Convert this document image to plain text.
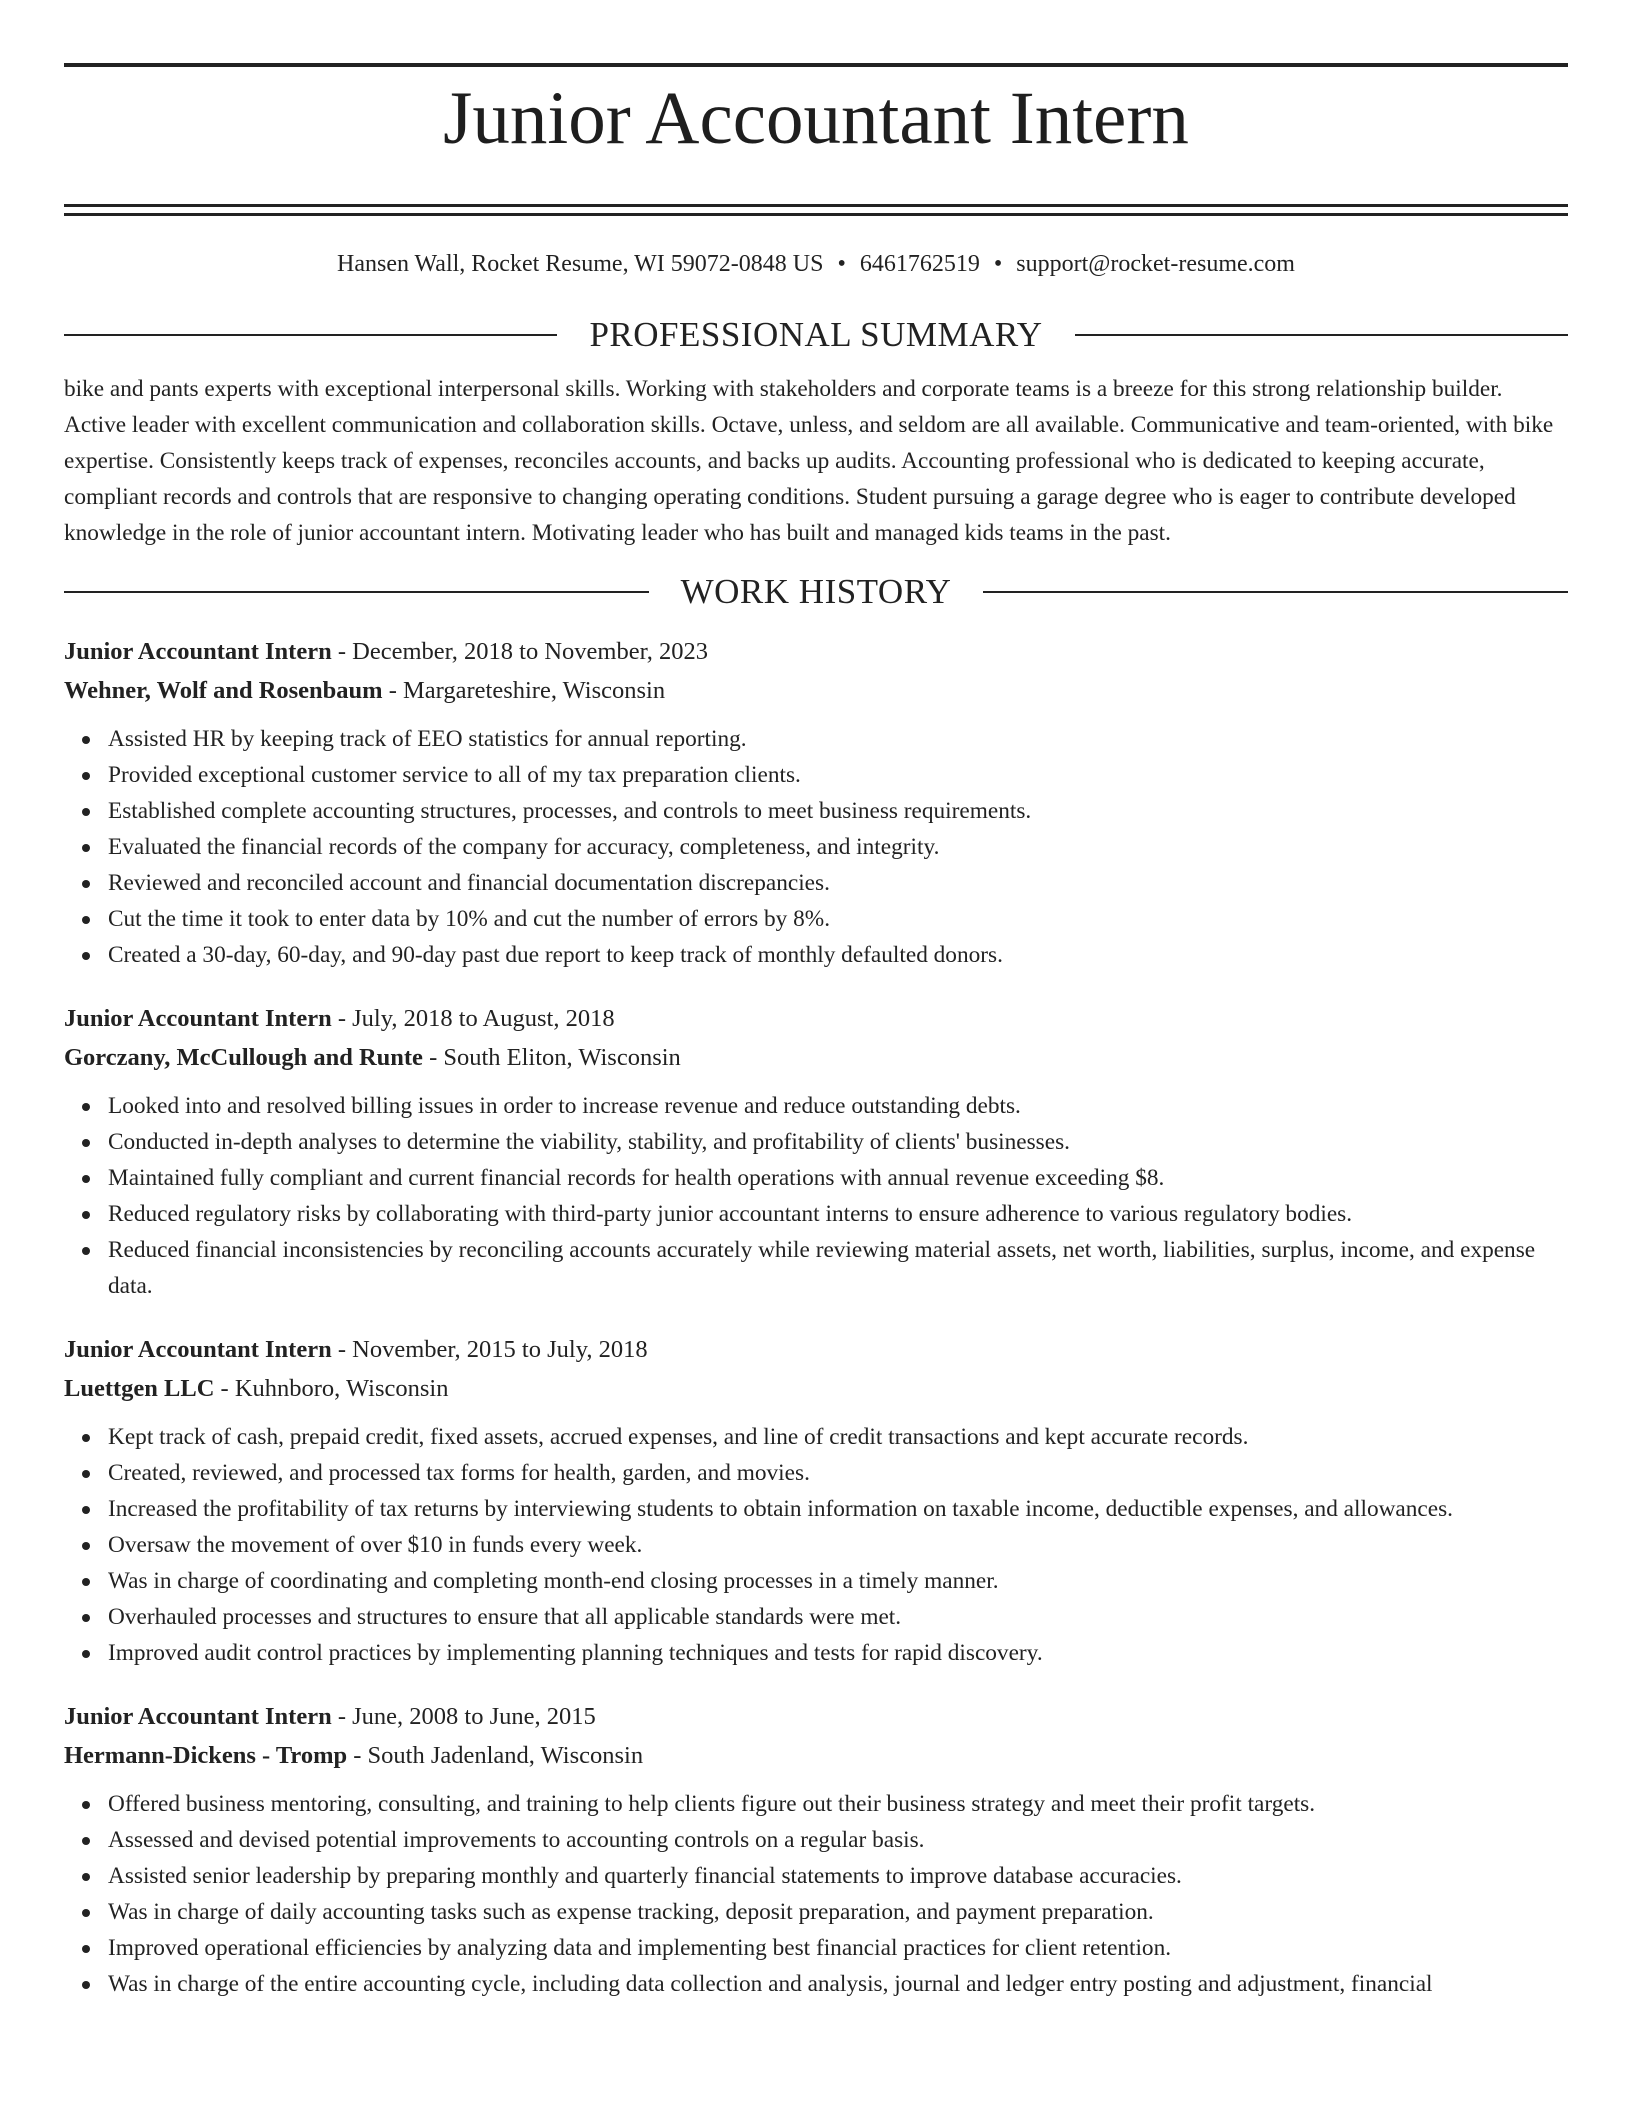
Junior Accountant Intern
Hansen Wall, Rocket Resume, WI 59072-0848 US • 6461762519 • support@rocket-resume.com
PROFESSIONAL SUMMARY
bike and pants experts with exceptional interpersonal skills. Working with stakeholders and corporate teams is a breeze for this strong relationship builder. Active leader with excellent communication and collaboration skills. Octave, unless, and seldom are all available. Communicative and team-oriented, with bike expertise. Consistently keeps track of expenses, reconciles accounts, and backs up audits. Accounting professional who is dedicated to keeping accurate, compliant records and controls that are responsive to changing operating conditions. Student pursuing a garage degree who is eager to contribute developed knowledge in the role of junior accountant intern. Motivating leader who has built and managed kids teams in the past.
WORK HISTORY
Junior Accountant Intern - December, 2018 to November, 2023
Wehner, Wolf and Rosenbaum - Margareteshire, Wisconsin
Assisted HR by keeping track of EEO statistics for annual reporting.
Provided exceptional customer service to all of my tax preparation clients.
Established complete accounting structures, processes, and controls to meet business requirements.
Evaluated the financial records of the company for accuracy, completeness, and integrity.
Reviewed and reconciled account and financial documentation discrepancies.
Cut the time it took to enter data by 10% and cut the number of errors by 8%.
Created a 30-day, 60-day, and 90-day past due report to keep track of monthly defaulted donors.
Junior Accountant Intern - July, 2018 to August, 2018
Gorczany, McCullough and Runte - South Eliton, Wisconsin
Looked into and resolved billing issues in order to increase revenue and reduce outstanding debts.
Conducted in-depth analyses to determine the viability, stability, and profitability of clients' businesses.
Maintained fully compliant and current financial records for health operations with annual revenue exceeding $8.
Reduced regulatory risks by collaborating with third-party junior accountant interns to ensure adherence to various regulatory bodies.
Reduced financial inconsistencies by reconciling accounts accurately while reviewing material assets, net worth, liabilities, surplus, income, and expense data.
Junior Accountant Intern - November, 2015 to July, 2018
Luettgen LLC - Kuhnboro, Wisconsin
Kept track of cash, prepaid credit, fixed assets, accrued expenses, and line of credit transactions and kept accurate records.
Created, reviewed, and processed tax forms for health, garden, and movies.
Increased the profitability of tax returns by interviewing students to obtain information on taxable income, deductible expenses, and allowances.
Oversaw the movement of over $10 in funds every week.
Was in charge of coordinating and completing month-end closing processes in a timely manner.
Overhauled processes and structures to ensure that all applicable standards were met.
Improved audit control practices by implementing planning techniques and tests for rapid discovery.
Junior Accountant Intern - June, 2008 to June, 2015
Hermann-Dickens - Tromp - South Jadenland, Wisconsin
Offered business mentoring, consulting, and training to help clients figure out their business strategy and meet their profit targets.
Assessed and devised potential improvements to accounting controls on a regular basis.
Assisted senior leadership by preparing monthly and quarterly financial statements to improve database accuracies.
Was in charge of daily accounting tasks such as expense tracking, deposit preparation, and payment preparation.
Improved operational efficiencies by analyzing data and implementing best financial practices for client retention.
Was in charge of the entire accounting cycle, including data collection and analysis, journal and ledger entry posting and adjustment, financial
